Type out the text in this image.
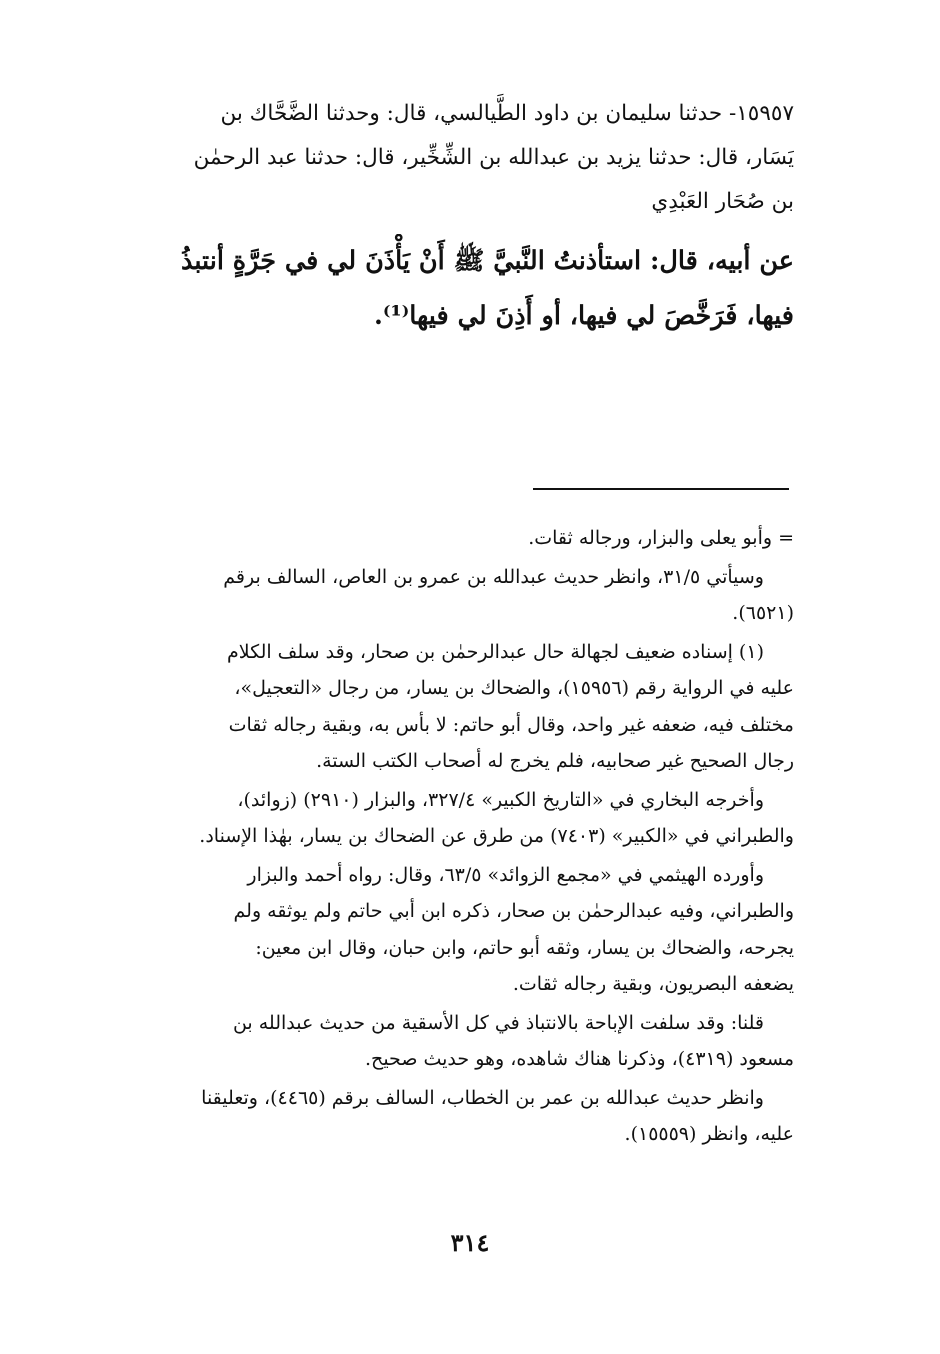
١٥٩٥٧- حدثنا سليمان بن داود الطَّيالسي، قال: وحدثنا الضَّحَّاك بن
يَسَار، قال: حدثنا يزيد بن عبدالله بن الشِّخِّير، قال: حدثنا عبد الرحمٰن
بن صُحَار العَبْدِي
عن أبيه، قال: استأذنتُ النَّبيَّ ﷺ أَنْ يَأْذَنَ لي في جَرَّةٍ أنتبذُ
فيها، فَرَخَّصَ لي فيها، أو أَذِنَ لي فيها⁽¹⁾.
= وأبو يعلى والبزار، ورجاله ثقات.
وسيأتي ٣١/٥، وانظر حديث عبدالله بن عمرو بن العاص، السالف برقم
(٦٥٢١).
(١) إسناده ضعيف لجهالة حال عبدالرحمٰن بن صحار، وقد سلف الكلام
عليه في الرواية رقم (١٥٩٥٦)، والضحاك بن يسار، من رجال «التعجيل»،
مختلف فيه، ضعفه غير واحد، وقال أبو حاتم: لا بأس به، وبقية رجاله ثقات
رجال الصحيح غير صحابيه، فلم يخرج له أصحاب الكتب الستة.
وأخرجه البخاري في «التاريخ الكبير» ٣٢٧/٤، والبزار (٢٩١٠) (زوائد)،
والطبراني في «الكبير» (٧٤٠٣) من طرق عن الضحاك بن يسار، بهٰذا الإسناد.
وأورده الهيثمي في «مجمع الزوائد» ٦٣/٥، وقال: رواه أحمد والبزار
والطبراني، وفيه عبدالرحمٰن بن صحار، ذكره ابن أبي حاتم ولم يوثقه ولم
يجرحه، والضحاك بن يسار، وثقه أبو حاتم، وابن حبان، وقال ابن معين:
يضعفه البصريون، وبقية رجاله ثقات.
قلنا: وقد سلفت الإباحة بالانتباذ في كل الأسقية من حديث عبدالله بن
مسعود (٤٣١٩)، وذكرنا هناك شاهده، وهو حديث صحيح.
وانظر حديث عبدالله بن عمر بن الخطاب، السالف برقم (٤٤٦٥)، وتعليقنا
عليه، وانظر (١٥٥٥٩).
٣١٤
